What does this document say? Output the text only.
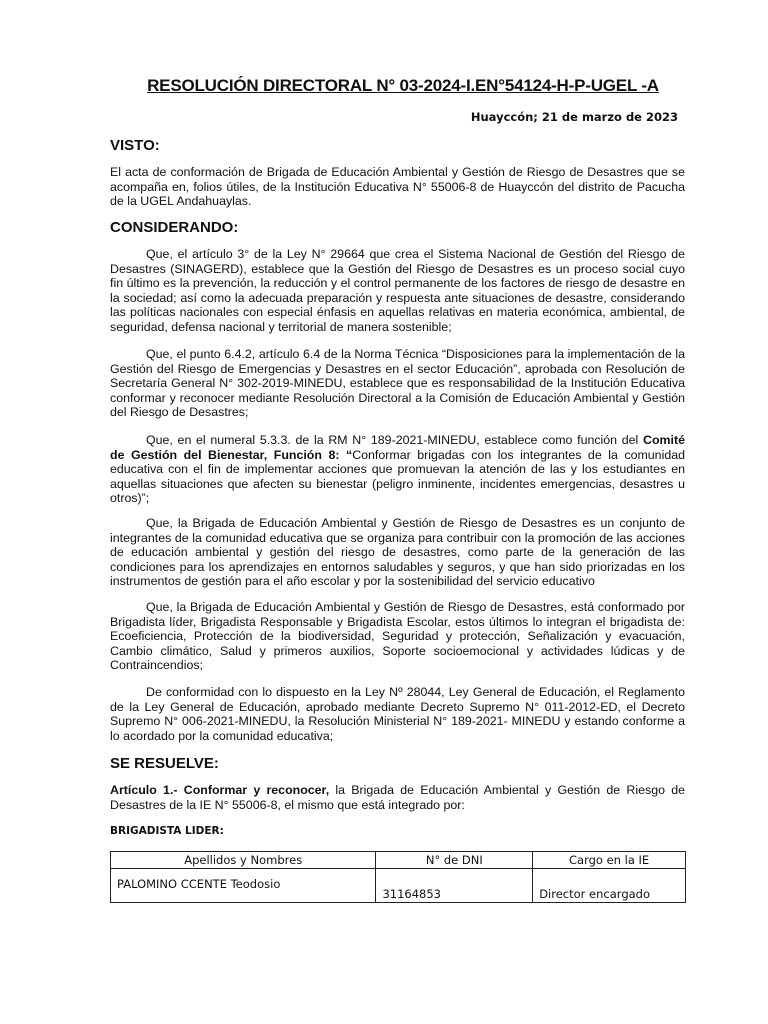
RESOLUCIÓN DIRECTORAL N° 03-2024-I.EN°54124-H-P-UGEL -A
Huayccón; 21 de marzo de 2023
VISTO:
El acta de conformación de Brigada de Educación Ambiental y Gestión de Riesgo de Desastres que se acompaña en, folios útiles, de la Institución Educativa N° 55006-8 de Huayccón del distrito de Pacucha de la UGEL Andahuaylas.
CONSIDERANDO:
Que, el artículo 3° de la Ley N° 29664 que crea el Sistema Nacional de Gestión del Riesgo de Desastres (SINAGERD), establece que la Gestión del Riesgo de Desastres es un proceso social cuyo fin último es la prevención, la reducción y el control permanente de los factores de riesgo de desastre en la sociedad; así como la adecuada preparación y respuesta ante situaciones de desastre, considerando las políticas nacionales con especial énfasis en aquellas relativas en materia económica, ambiental, de seguridad, defensa nacional y territorial de manera sostenible;
Que, el punto 6.4.2, artículo 6.4 de la Norma Técnica “Disposiciones para la implementación de la Gestión del Riesgo de Emergencias y Desastres en el sector Educación”, aprobada con Resolución de Secretaría General N° 302-2019-MINEDU, establece que es responsabilidad de la Institución Educativa conformar y reconocer mediante Resolución Directoral a la Comisión de Educación Ambiental y Gestión del Riesgo de Desastres;
Que, en el numeral 5.3.3. de la RM N° 189-2021-MINEDU, establece como función del Comité de Gestión del Bienestar, Función 8: “Conformar brigadas con los integrantes de la comunidad educativa con el fin de implementar acciones que promuevan la atención de las y los estudiantes en aquellas situaciones que afecten su bienestar (peligro inminente, incidentes emergencias, desastres u otros)”;
Que, la Brigada de Educación Ambiental y Gestión de Riesgo de Desastres es un conjunto de integrantes de la comunidad educativa que se organiza para contribuir con la promoción de las acciones de educación ambiental y gestión del riesgo de desastres, como parte de la generación de las condiciones para los aprendizajes en entornos saludables y seguros, y que han sido priorizadas en los instrumentos de gestión para el año escolar y por la sostenibilidad del servicio educativo
Que, la Brigada de Educación Ambiental y Gestión de Riesgo de Desastres, está conformado por Brigadista líder, Brigadista Responsable y Brigadista Escolar, estos últimos lo integran el brigadista de: Ecoeficiencia, Protección de la biodiversidad, Seguridad y protección, Señalización y evacuación, Cambio climático, Salud y primeros auxilios, Soporte socioemocional y actividades lúdicas y de Contraincendios;
De conformidad con lo dispuesto en la Ley Nº 28044, Ley General de Educación, el Reglamento de la Ley General de Educación, aprobado mediante Decreto Supremo N° 011-2012-ED, el Decreto Supremo N° 006-2021-MINEDU, la Resolución Ministerial N° 189-2021- MINEDU y estando conforme a lo acordado por la comunidad educativa;
SE RESUELVE:
Artículo 1.- Conformar y reconocer, la Brigada de Educación Ambiental y Gestión de Riesgo de Desastres de la IE N° 55006-8, el mismo que está integrado por:
BRIGADISTA LIDER:
Apellidos y Nombres	N° de DNI	Cargo en la IE
PALOMINO CCENTE Teodosio	31164853	Director encargado
